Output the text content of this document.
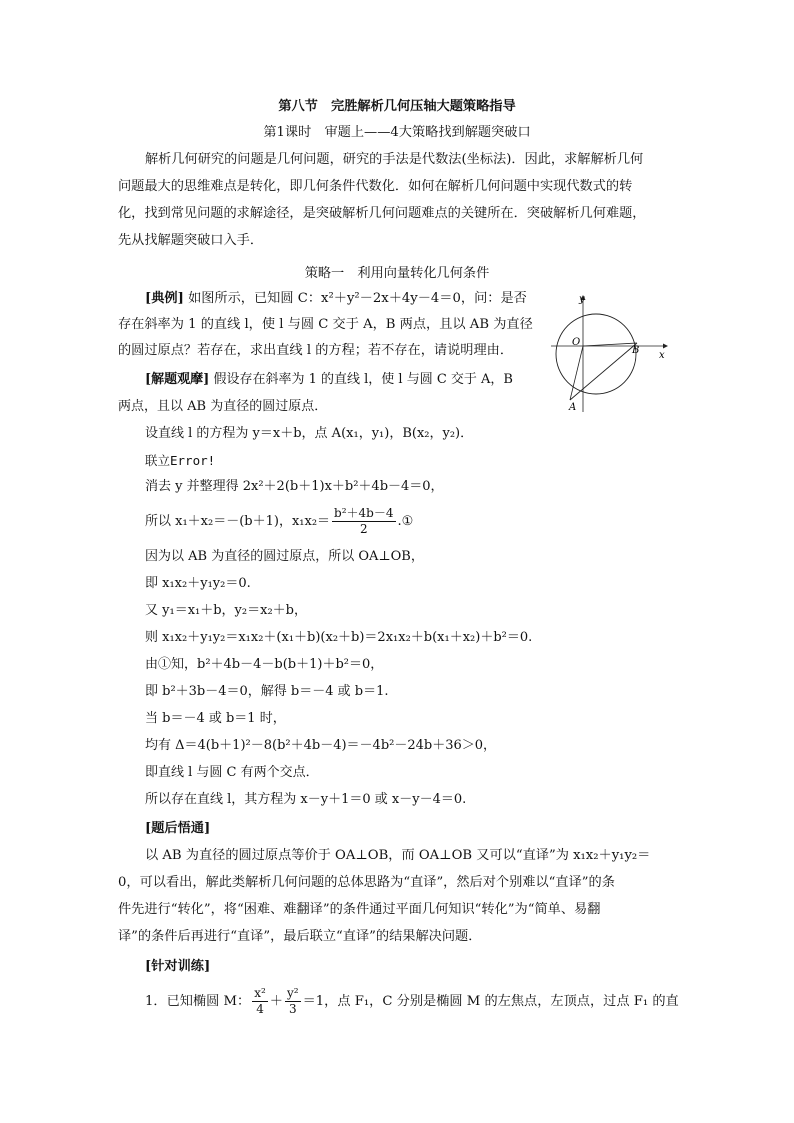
第八节　完胜解析几何压轴大题策略指导
第1课时　审题上——4大策略找到解题突破口
解析几何研究的问题是几何问题，研究的手法是代数法(坐标法)．因此，求解解析几何
问题最大的思维难点是转化，即几何条件代数化．如何在解析几何问题中实现代数式的转
化，找到常见问题的求解途径，是突破解析几何问题难点的关键所在．突破解析几何难题，
先从找解题突破口入手．
策略一　利用向量转化几何条件
[典例] 如图所示，已知圆 C：x²＋y²－2x＋4y－4＝0，问：是否
存在斜率为 1 的直线 l，使 l 与圆 C 交于 A，B 两点，且以 AB 为直径
的圆过原点？若存在，求出直线 l 的方程；若不存在，请说明理由．
y
x
O
B
A
[解题观摩] 假设存在斜率为 1 的直线 l，使 l 与圆 C 交于 A，B
两点，且以 AB 为直径的圆过原点．
设直线 l 的方程为 y＝x＋b，点 A(x₁，y₁)，B(x₂，y₂)．
联立Error!
消去 y 并整理得 2x²＋2(b＋1)x＋b²＋4b－4＝0，
所以 x₁＋x₂＝－(b＋1)，$x_1x_2= \frac{\text{b²＋4b－4}}{2}$ .①
因为以 AB 为直径的圆过原点，所以 OA⊥OB，
即 x₁x₂＋y₁y₂＝0.
又 y₁＝x₁＋b，y₂＝x₂＋b，
则 x₁x₂＋y₁y₂＝x₁x₂＋(x₁＋b)(x₂＋b)＝2x₁x₂＋b(x₁＋x₂)＋b²＝0.
由①知，b²＋4b－4－b(b＋1)＋b²＝0，
即 b²＋3b－4＝0，解得 b＝－4 或 b＝1.
当 b＝－4 或 b＝1 时，
均有 Δ＝4(b＋1)²－8(b²＋4b－4)＝－4b²－24b＋36＞0，
即直线 l 与圆 C 有两个交点．
所以存在直线 l，其方程为 x－y＋1＝0 或 x－y－4＝0.
[题后悟通]
以 AB 为直径的圆过原点等价于 OA⊥OB，而 OA⊥OB 又可以“直译”为 x₁x₂＋y₁y₂＝
0，可以看出，解此类解析几何问题的总体思路为“直译”，然后对个别难以“直译”的条
件先进行“转化”，将“困难、难翻译”的条件通过平面几何知识“转化”为“简单、易翻
译”的条件后再进行“直译”，最后联立“直译”的结果解决问题．
[针对训练]
1．已知椭圆 M： $\frac{\text{x²}}{4} + \frac{\text{y²}}{3} =1$，点 F₁，C 分别是椭圆 M 的左焦点，左顶点，过点 F₁ 的直
